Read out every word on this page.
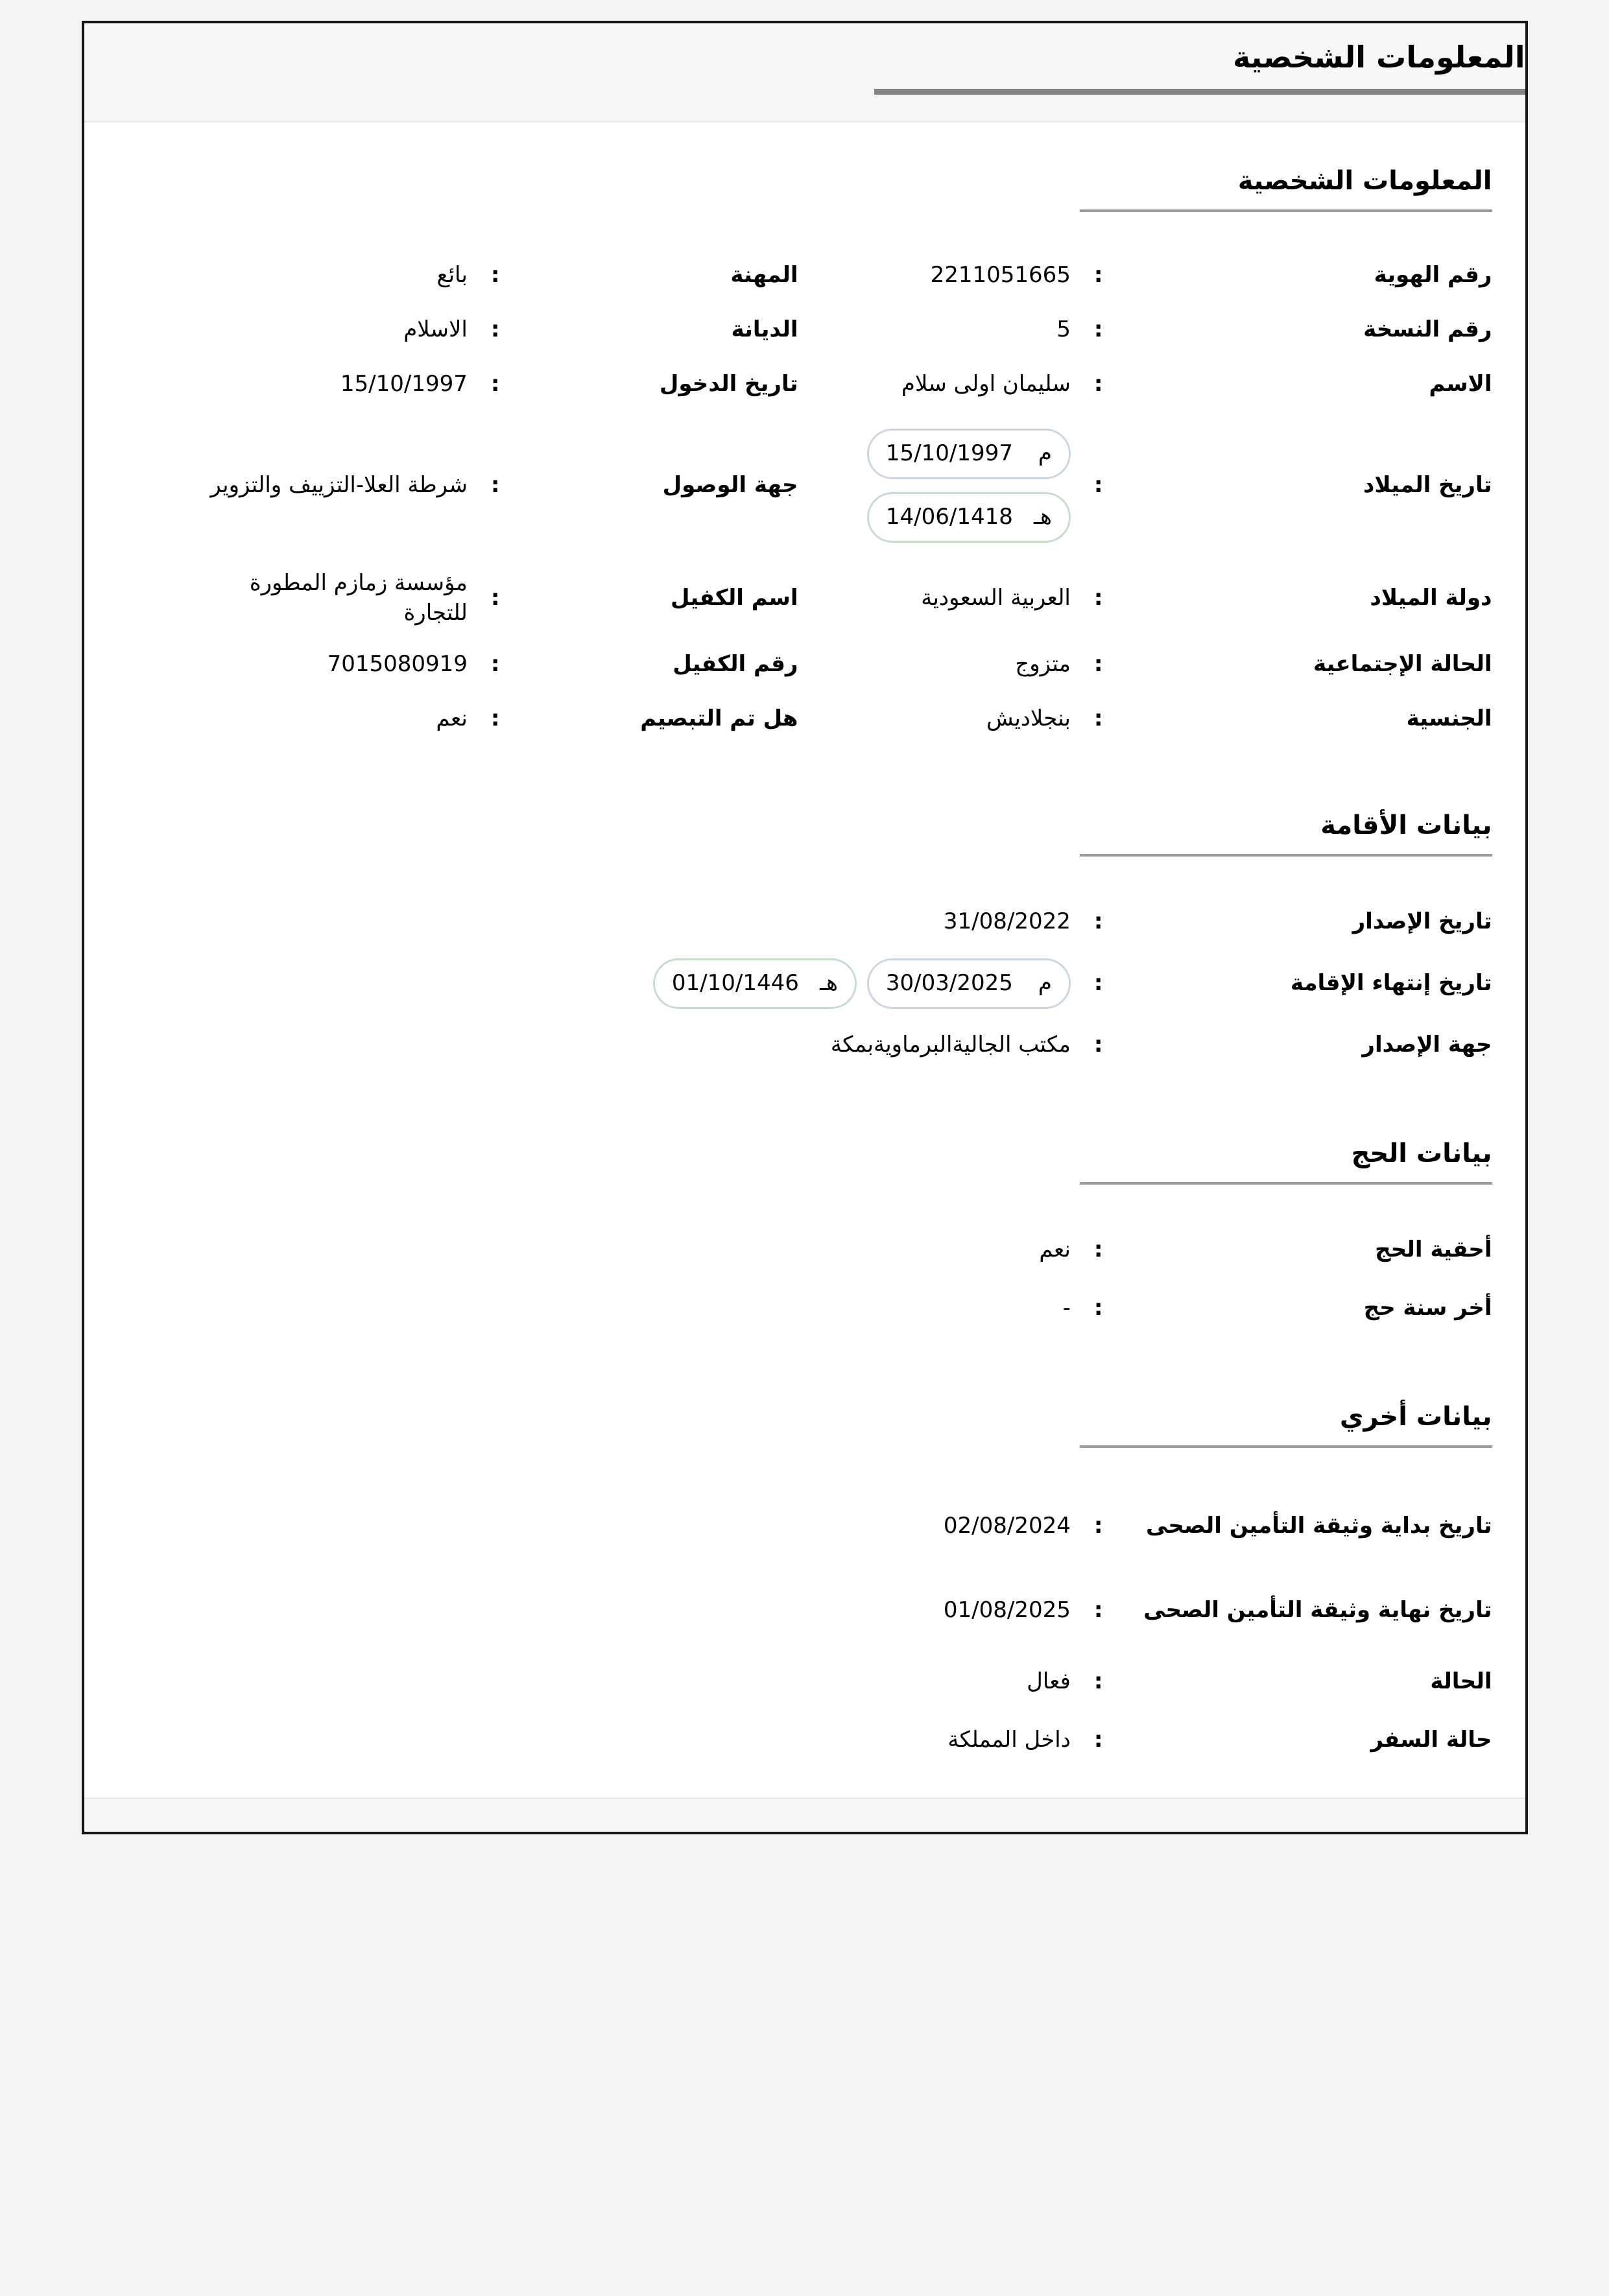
المعلومات الشخصية
المعلومات الشخصية
رقم الهوية
:
2211051665
المهنة
:
بائع
رقم النسخة
:
5
الديانة
:
الاسلام
الاسم
:
سليمان اولى سلام
تاريخ الدخول
:
15/10/1997
تاريخ الميلاد
:
م
15/10/1997
هـ
14/06/1418
جهة الوصول
:
شرطة العلا-التزييف والتزوير
دولة الميلاد
:
العربية السعودية
اسم الكفيل
:
مؤسسة زمازم المطورة للتجارة
الحالة الإجتماعية
:
متزوج
رقم الكفيل
:
7015080919
الجنسية
:
بنجلاديش
هل تم التبصيم
:
نعم
بيانات الأقامة
تاريخ الإصدار
:
31/08/2022
تاريخ إنتهاء الإقامة
:
م
30/03/2025
هـ
01/10/1446
جهة الإصدار
:
مكتب الجاليةالبرماويةبمكة
بيانات الحج
أحقية الحج
:
نعم
أخر سنة حج
:
-
بيانات أخري
تاريخ بداية وثيقة التأمين الصحى
:
02/08/2024
تاريخ نهاية وثيقة التأمين الصحى
:
01/08/2025
الحالة
:
فعال
حالة السفر
:
داخل المملكة
